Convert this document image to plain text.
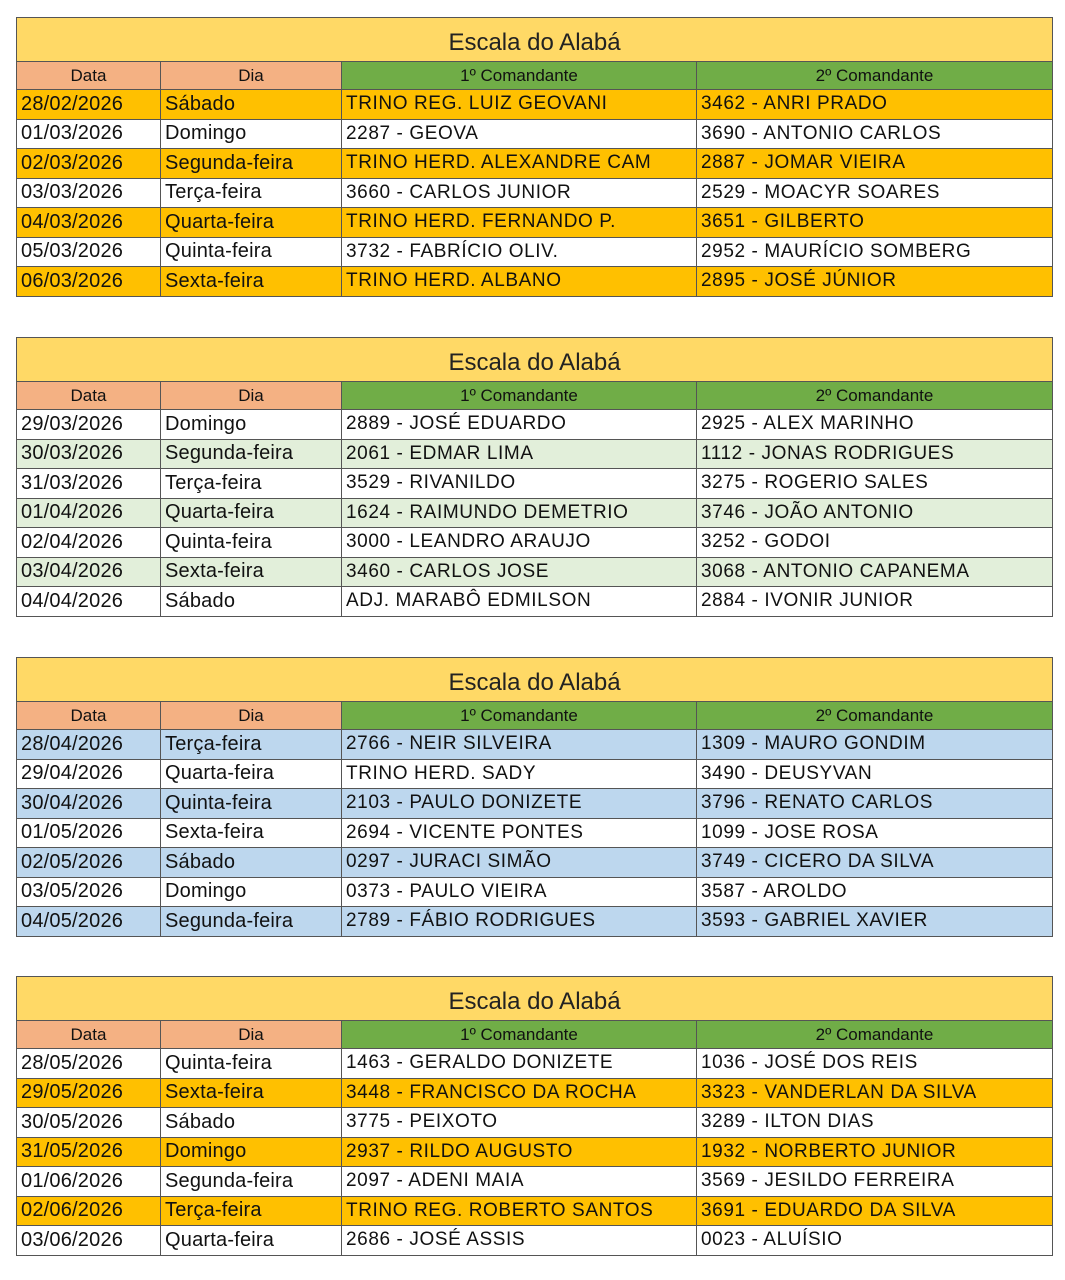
Escala do Alabá			
Data	Dia	1º Comandante	2º Comandante
28/02/2026	Sábado	TRINO REG. LUIZ GEOVANI	3462 - ANRI PRADO
01/03/2026	Domingo	2287 - GEOVA	3690 - ANTONIO CARLOS
02/03/2026	Segunda-feira	TRINO HERD. ALEXANDRE CAM	2887 - JOMAR VIEIRA
03/03/2026	Terça-feira	3660 - CARLOS JUNIOR	2529 - MOACYR SOARES
04/03/2026	Quarta-feira	TRINO HERD. FERNANDO P.	3651 - GILBERTO
05/03/2026	Quinta-feira	3732 - FABRÍCIO OLIV.	2952 - MAURÍCIO SOMBERG
06/03/2026	Sexta-feira	TRINO HERD. ALBANO	2895 - JOSÉ JÚNIOR
Escala do Alabá			
Data	Dia	1º Comandante	2º Comandante
29/03/2026	Domingo	2889 - JOSÉ EDUARDO	2925 - ALEX MARINHO
30/03/2026	Segunda-feira	2061 - EDMAR LIMA	1112 - JONAS RODRIGUES
31/03/2026	Terça-feira	3529 - RIVANILDO	3275 - ROGERIO SALES
01/04/2026	Quarta-feira	1624 - RAIMUNDO DEMETRIO	3746 - JOÃO ANTONIO
02/04/2026	Quinta-feira	3000 - LEANDRO ARAUJO	3252 - GODOI
03/04/2026	Sexta-feira	3460 - CARLOS JOSE	3068 - ANTONIO CAPANEMA
04/04/2026	Sábado	ADJ. MARABÔ EDMILSON	2884 - IVONIR JUNIOR
Escala do Alabá			
Data	Dia	1º Comandante	2º Comandante
28/04/2026	Terça-feira	2766 - NEIR SILVEIRA	1309 - MAURO GONDIM
29/04/2026	Quarta-feira	TRINO HERD. SADY	3490 - DEUSYVAN
30/04/2026	Quinta-feira	2103 - PAULO DONIZETE	3796 - RENATO CARLOS
01/05/2026	Sexta-feira	2694 - VICENTE PONTES	1099 - JOSE ROSA
02/05/2026	Sábado	0297 - JURACI SIMÃO	3749 - CICERO DA SILVA
03/05/2026	Domingo	0373 - PAULO VIEIRA	3587 - AROLDO
04/05/2026	Segunda-feira	2789 - FÁBIO RODRIGUES	3593 - GABRIEL XAVIER
Escala do Alabá			
Data	Dia	1º Comandante	2º Comandante
28/05/2026	Quinta-feira	1463 - GERALDO DONIZETE	1036 - JOSÉ DOS REIS
29/05/2026	Sexta-feira	3448 - FRANCISCO DA ROCHA	3323 - VANDERLAN DA SILVA
30/05/2026	Sábado	3775 - PEIXOTO	3289 - ILTON DIAS
31/05/2026	Domingo	2937 - RILDO AUGUSTO	1932 - NORBERTO JUNIOR
01/06/2026	Segunda-feira	2097 - ADENI MAIA	3569 - JESILDO FERREIRA
02/06/2026	Terça-feira	TRINO REG. ROBERTO SANTOS	3691 - EDUARDO DA SILVA
03/06/2026	Quarta-feira	2686 - JOSÉ ASSIS	0023 - ALUÍSIO
